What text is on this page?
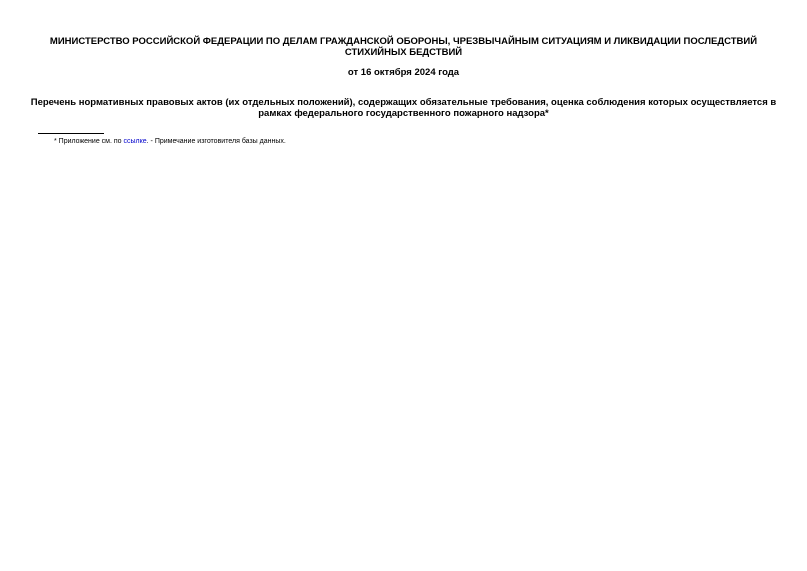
МИНИСТЕРСТВО РОССИЙСКОЙ ФЕДЕРАЦИИ ПО ДЕЛАМ ГРАЖДАНСКОЙ ОБОРОНЫ, ЧРЕЗВЫЧАЙНЫМ СИТУАЦИЯМ И ЛИКВИДАЦИИ ПОСЛЕДСТВИЙ СТИХИЙНЫХ БЕДСТВИЙ
от 16 октября 2024 года
Перечень нормативных правовых актов (их отдельных положений), содержащих обязательные требования, оценка соблюдения которых осуществляется в рамках федерального государственного пожарного надзора*
* Приложение см. по ссылке. - Примечание изготовителя базы данных.
